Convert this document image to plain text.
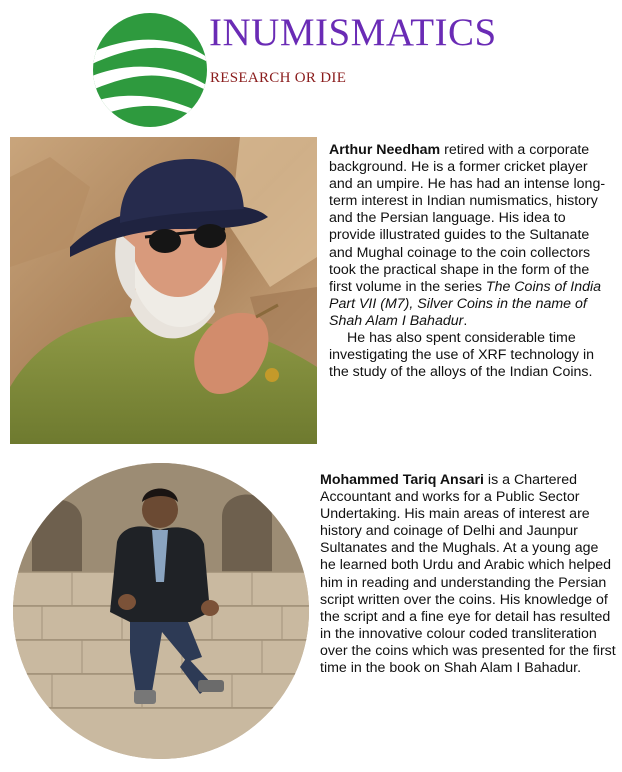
INUMISMATICS
RESEARCH OR DIE

Arthur Needham retired with a corporate background. He is a former cricket player and an umpire. He has had an intense long-term interest in Indian numismatics, history and the Persian language. His idea to provide illustrated guides to the Sultanate and Mughal coinage to the coin collectors took the practical shape in the form of the first volume in the series The Coins of India Part VII (M7), Silver Coins in the name of Shah Alam I Bahadur.

He has also spent considerable time investigating the use of XRF technology in the study of the alloys of the Indian Coins.

Mohammed Tariq Ansari is a Chartered Accountant and works for a Public Sector Undertaking. His main areas of interest are history and coinage of Delhi and Jaunpur Sultanates and the Mughals. At a young age he learned both Urdu and Arabic which helped him in reading and understanding the Persian script written over the coins. His knowledge of the script and a fine eye for detail has resulted in the innovative colour coded transliteration over the coins which was presented for the first time in the book on Shah Alam I Bahadur.
